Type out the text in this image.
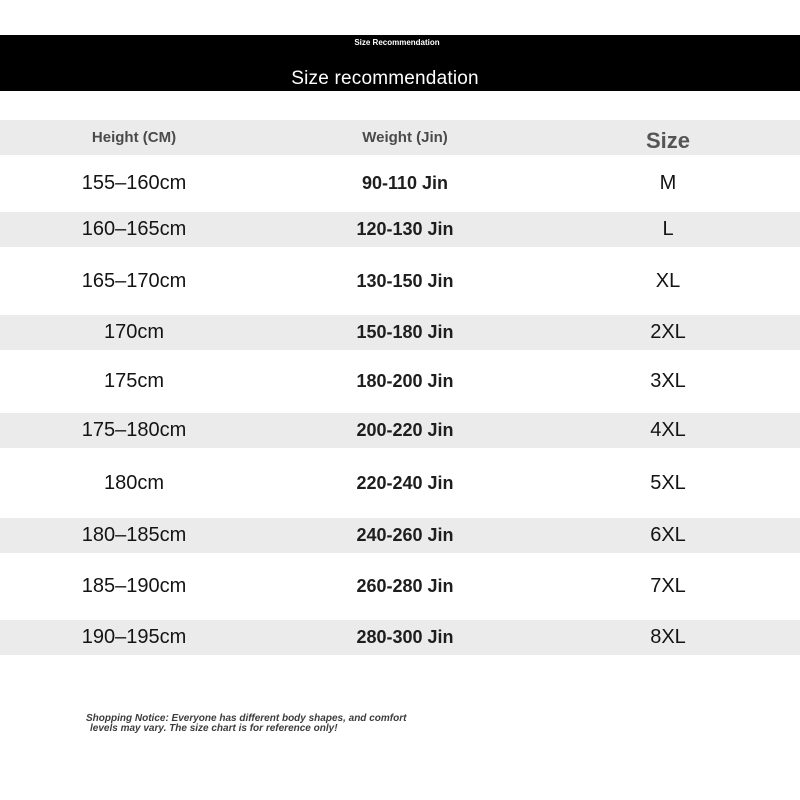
Size Recommendation
Size recommendation
Height (CM)	Weight (Jin)	Size
155–160cm	90-110 Jin	M
160–165cm	120-130 Jin	L
165–170cm	130-150 Jin	XL
170cm	150-180 Jin	2XL
175cm	180-200 Jin	3XL
175–180cm	200-220 Jin	4XL
180cm	220-240 Jin	5XL
180–185cm	240-260 Jin	6XL
185–190cm	260-280 Jin	7XL
190–195cm	280-300 Jin	8XL
Shopping Notice: Everyone has different body shapes, and comfort
levels may vary. The size chart is for reference only!
